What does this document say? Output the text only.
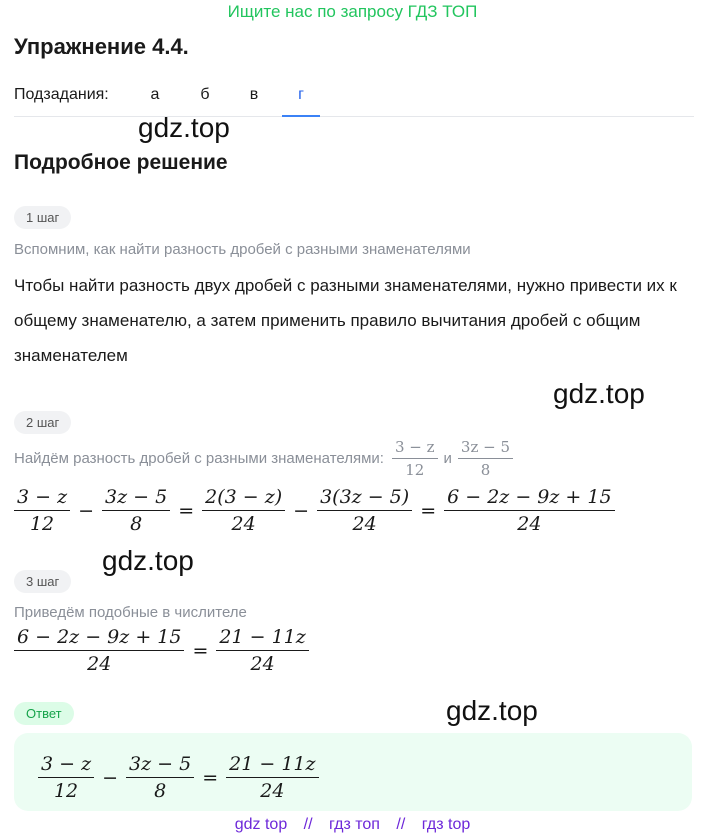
Ищите нас по запросу ГДЗ ТОП
Упражнение 4.4.
Подзадания:	а	б	в	г
gdz.top
Подробное решение
1 шаг
Вспомним, как найти разность дробей с разными знаменателями
Чтобы найти разность двух дробей с разными знаменателями, нужно привести их к общему знаменателю, а затем применить правило вычитания дробей с общим знаменателем
gdz.top
2 шаг
Найдём разность дробей с разными знаменателями: $\frac{3 - z}{12}$ и $\frac{3z - 5}{8}$
$\frac{3 - z}{12} - \frac{3z - 5}{8} = \frac{2(3 - z)}{24} - \frac{3(3z - 5)}{24} = \frac{6 - 2z - 9z + 15}{24}$
gdz.top
3 шаг
Приведём подобные в числителе
$\frac{6 - 2z - 9z + 15}{24} = \frac{21 - 11z}{24}$
Ответ	gdz.top
$\frac{3 - z}{12} - \frac{3z - 5}{8} = \frac{21 - 11z}{24}$
gdz top // гдз топ // гдз top
